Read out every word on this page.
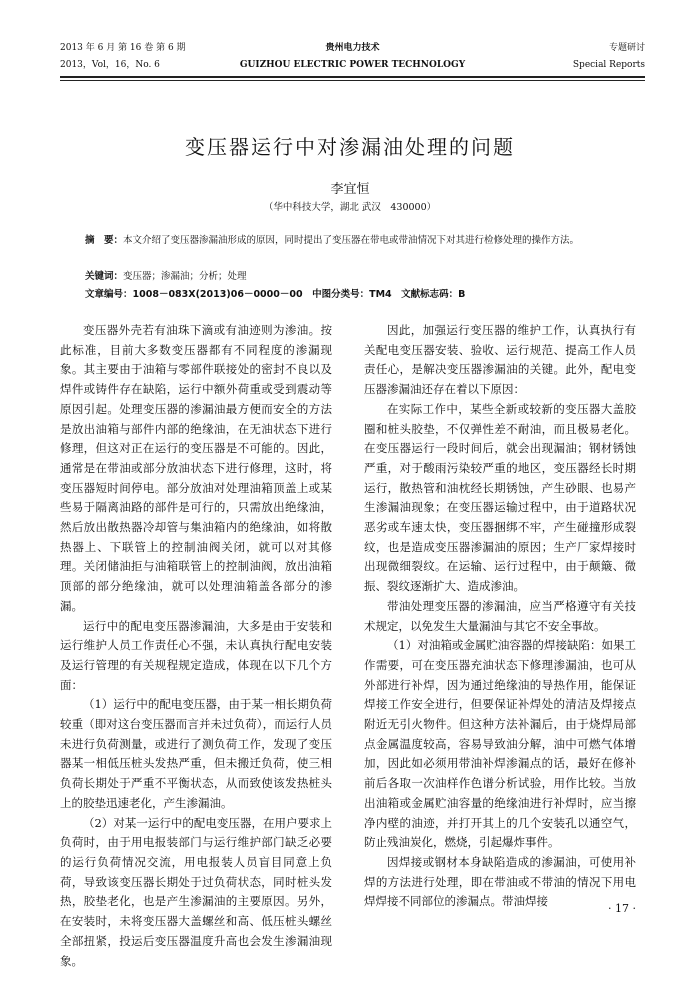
2013 年 6 月 第 16 卷 第 6 期	贵州电力技术	专题研讨
2013，Vol，16，No. 6	GUIZHOU ELECTRIC POWER TECHNOLOGY	Special Reports
变压器运行中对渗漏油处理的问题
李宜恒
（华中科技大学，湖北 武汉　430000）
摘　要：本文介绍了变压器渗漏油形成的原因，同时提出了变压器在带电或带油情况下对其进行检修处理的操作方法。
关键词：变压器；渗漏油；分析；处理
文章编号：1008－083X(2013)06－0000－00　中图分类号：TM4　文献标志码：B

变压器外壳若有油珠下滴或有油迹则为渗油。按此标准，目前大多数变压器都有不同程度的渗漏现象。其主要由于油箱与零部件联接处的密封不良以及焊件或铸件存在缺陷，运行中额外荷重或受到震动等原因引起。处理变压器的渗漏油最方便而安全的方法是放出油箱与部件内部的绝缘油，在无油状态下进行修理，但这对正在运行的变压器是不可能的。因此，通常是在带油或部分放油状态下进行修理，这时，将变压器短时间停电。部分放油对处理油箱顶盖上或某些易于隔离油路的部件是可行的，只需放出绝缘油，然后放出散热器冷却管与集油箱内的绝缘油，如将散热器上、下联管上的控制油阀关闭，就可以对其修理。关闭储油拒与油箱联管上的控制油阀，放出油箱顶部的部分绝缘油，就可以处理油箱盖各部分的渗漏。

运行中的配电变压器渗漏油，大多是由于安装和运行维护人员工作责任心不强，未认真执行配电安装及运行管理的有关规程规定造成，体现在以下几个方面：

（1）运行中的配电变压器，由于某一相长期负荷较重（即对这台变压器而言并未过负荷），而运行人员未进行负荷测量，或进行了测负荷工作，发现了变压器某一相低压桩头发热严重，但未搬迁负荷，使三相负荷长期处于严重不平衡状态，从而致使该发热桩头上的胶垫迅速老化，产生渗漏油。

（2）对某一运行中的配电变压器，在用户要求上负荷时，由于用电报装部门与运行维护部门缺乏必要的运行负荷情况交流，用电报装人员盲目同意上负荷，导致该变压器长期处于过负荷状态，同时桩头发热，胶垫老化，也是产生渗漏油的主要原因。另外，在安装时，未将变压器大盖螺丝和高、低压桩头螺丝全部扭紧，投运后变压器温度升高也会发生渗漏油现象。

因此，加强运行变压器的维护工作，认真执行有关配电变压器安装、验收、运行规范、提高工作人员责任心，是解决变压器渗漏油的关键。此外，配电变压器渗漏油还存在着以下原因：

在实际工作中，某些全新或较新的变压器大盖胶圈和桩头胶垫，不仅弹性差不耐油，而且极易老化。在变压器运行一段时间后，就会出现漏油；钢材锈蚀严重，对于酸雨污染较严重的地区，变压器经长时期运行，散热管和油枕经长期锈蚀，产生砂眼、也易产生渗漏油现象；在变压器运输过程中，由于道路状况恶劣或车速太快，变压器捆绑不牢，产生碰撞形成裂纹，也是造成变压器渗漏油的原因；生产厂家焊接时出现微细裂纹。在运输、运行过程中，由于颠簸、微振、裂纹逐渐扩大、造成渗油。

带油处理变压器的渗漏油，应当严格遵守有关技术规定，以免发生大量漏油与其它不安全事故。

（1）对油箱或金属贮油容器的焊接缺陷：如果工作需要，可在变压器充油状态下修理渗漏油，也可从外部进行补焊，因为通过绝缘油的导热作用，能保证焊接工作安全进行，但要保证补焊处的清洁及焊接点附近无引火物件。但这种方法补漏后，由于烧焊局部点金属温度较高，容易导致油分解，油中可燃气体增加，因此如必须用带油补焊渗漏点的话，最好在修补前后各取一次油样作色谱分析试验，用作比较。当放出油箱或金属贮油容量的绝缘油进行补焊时，应当擦净内壁的油迹，并打开其上的几个安装孔以通空气，防止残油炭化，燃烧，引起爆炸事件。

因焊接或钢材本身缺陷造成的渗漏油，可使用补焊的方法进行处理，即在带油或不带油的情况下用电焊焊接不同部位的渗漏点。带油焊接

· 17 ·
